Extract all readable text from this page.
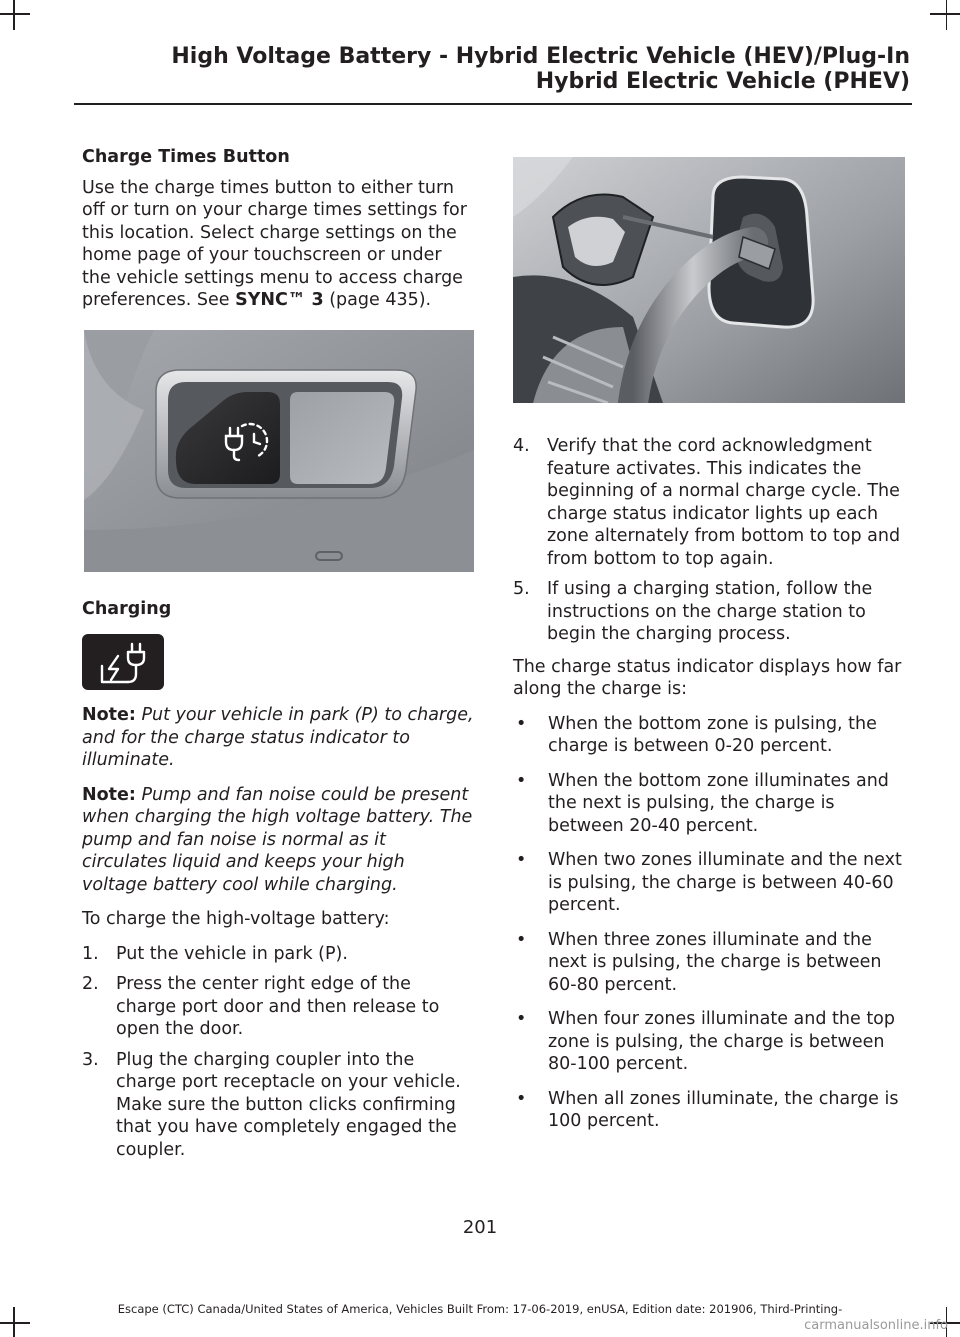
High Voltage Battery - Hybrid Electric Vehicle (HEV)/Plug-In
Hybrid Electric Vehicle (PHEV)
Charge Times Button

Use the charge times button to either turn off or turn on your charge times settings for this location. Select charge settings on the home page of your touchscreen or under the vehicle settings menu to access charge preferences. See SYNC™ 3 (page 435).

Charging

Note: Put your vehicle in park (P) to charge, and for the charge status indicator to illuminate.

Note: Pump and fan noise could be present when charging the high voltage battery. The pump and fan noise is normal as it circulates liquid and keeps your high voltage battery cool while charging.

To charge the high-voltage battery:

1. Put the vehicle in park (P).
2. Press the center right edge of the charge port door and then release to open the door.
3. Plug the charging coupler into the charge port receptacle on your vehicle. Make sure the button clicks confirming that you have completely engaged the coupler.
4. Verify that the cord acknowledgment feature activates. This indicates the beginning of a normal charge cycle. The charge status indicator lights up each zone alternately from bottom to top and from bottom to top again.
5. If using a charging station, follow the instructions on the charge station to begin the charging process.

The charge status indicator displays how far along the charge is:

• When the bottom zone is pulsing, the charge is between 0-20 percent.
• When the bottom zone illuminates and the next is pulsing, the charge is between 20-40 percent.
• When two zones illuminate and the next is pulsing, the charge is between 40-60 percent.
• When three zones illuminate and the next is pulsing, the charge is between 60-80 percent.
• When four zones illuminate and the top zone is pulsing, the charge is between 80-100 percent.
• When all zones illuminate, the charge is 100 percent.
201
Escape (CTC) Canada/United States of America, Vehicles Built From: 17-06-2019, enUSA, Edition date: 201906, Third-Printing-
carmanualsonline.info
